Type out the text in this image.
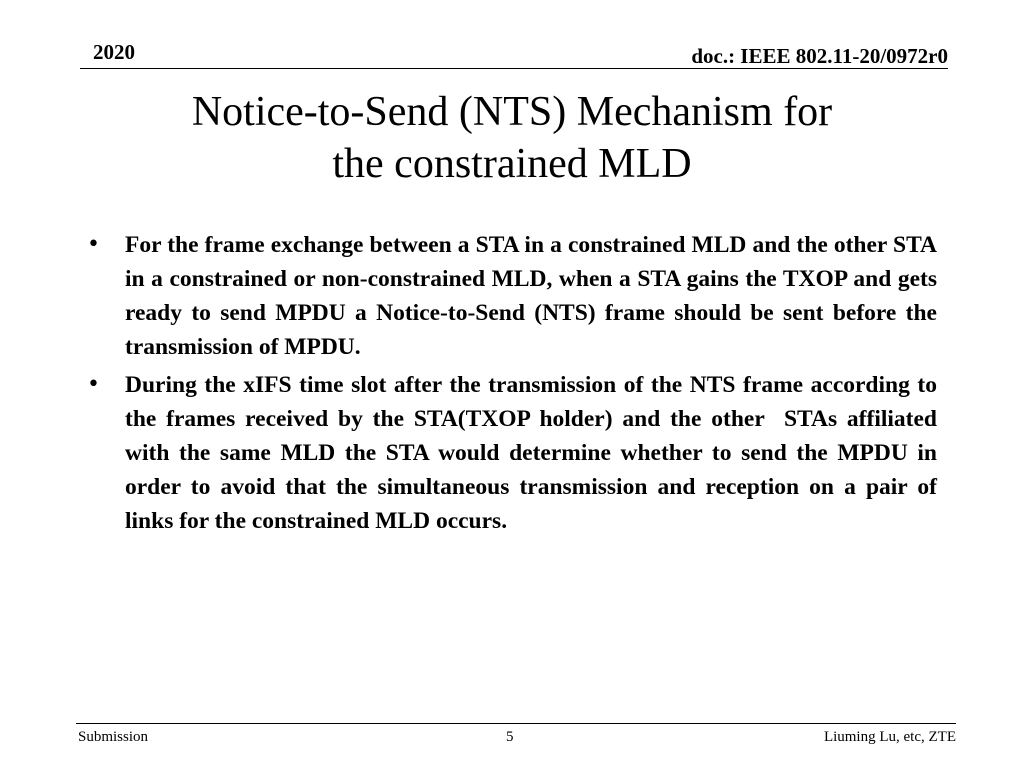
2020	doc.: IEEE 802.11-20/0972r0
Notice-to-Send (NTS) Mechanism for
the constrained MLD
• For the frame exchange between a STA in a constrained MLD and the other STA in a constrained or non-constrained MLD, when a STA gains the TXOP and gets ready to send MPDU a Notice-to-Send (NTS) frame should be sent before the transmission of MPDU.
• During the xIFS time slot after the transmission of the NTS frame according to the frames received by the STA(TXOP holder) and the other  STAs affiliated with the same MLD the STA would determine whether to send the MPDU in order to avoid that the simultaneous transmission and reception on a pair of links for the constrained MLD occurs.
Submission	5	Liuming Lu, etc, ZTE
